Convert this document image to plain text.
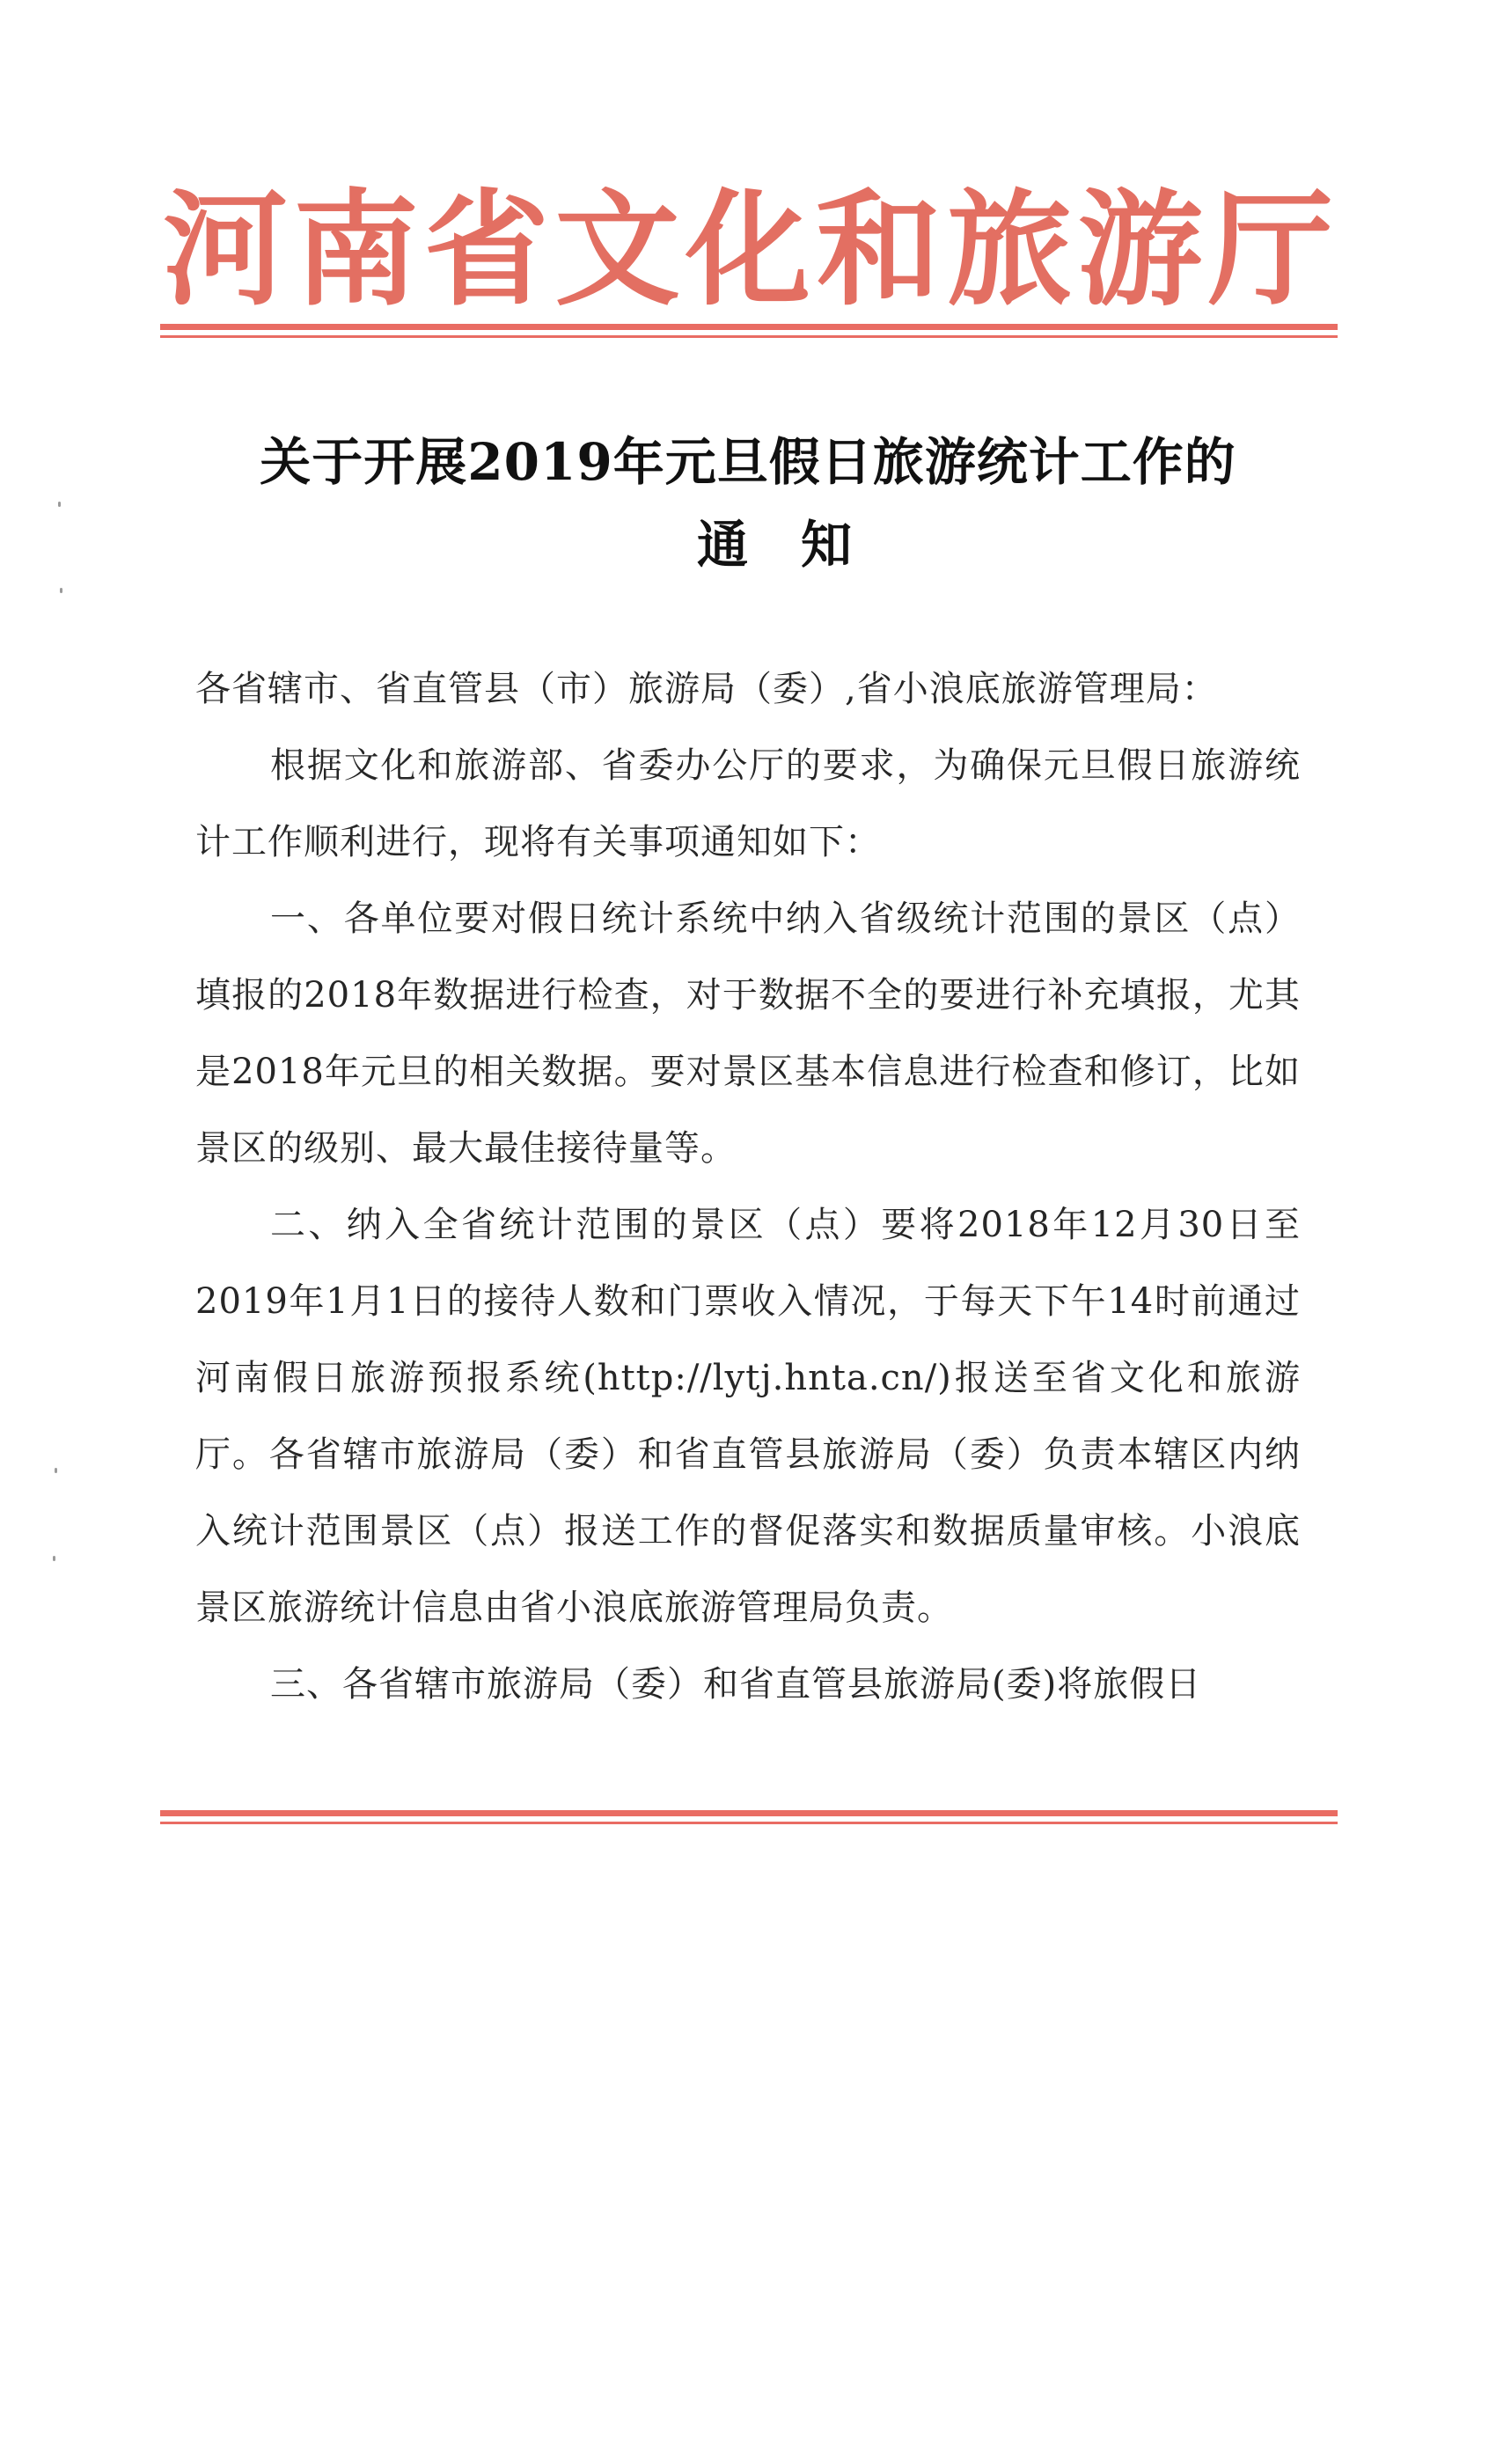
河 南 省 文 化 和 旅 游 厅
关于开展2019年元旦假日旅游统计工作的
通知

各省辖市、省直管县（市）旅游局（委）,省小浪底旅游管理局：

根据文化和旅游部、省委办公厅的要求，为确保元旦假日旅游统计工作顺利进行，现将有关事项通知如下：

一、各单位要对假日统计系统中纳入省级统计范围的景区（点）填报的2018年数据进行检查，对于数据不全的要进行补充填报，尤其是2018年元旦的相关数据。要对景区基本信息进行检查和修订，比如景区的级别、最大最佳接待量等。

二、纳入全省统计范围的景区（点）要将2018年12月30日至2019年1月1日的接待人数和门票收入情况，于每天下午14时前通过河南假日旅游预报系统(http://lytj.hnta.cn/)报送至省文化和旅游厅。各省辖市旅游局（委）和省直管县旅游局（委）负责本辖区内纳入统计范围景区（点）报送工作的督促落实和数据质量审核。小浪底景区旅游统计信息由省小浪底旅游管理局负责。

三、各省辖市旅游局（委）和省直管县旅游局(委)将旅假日
